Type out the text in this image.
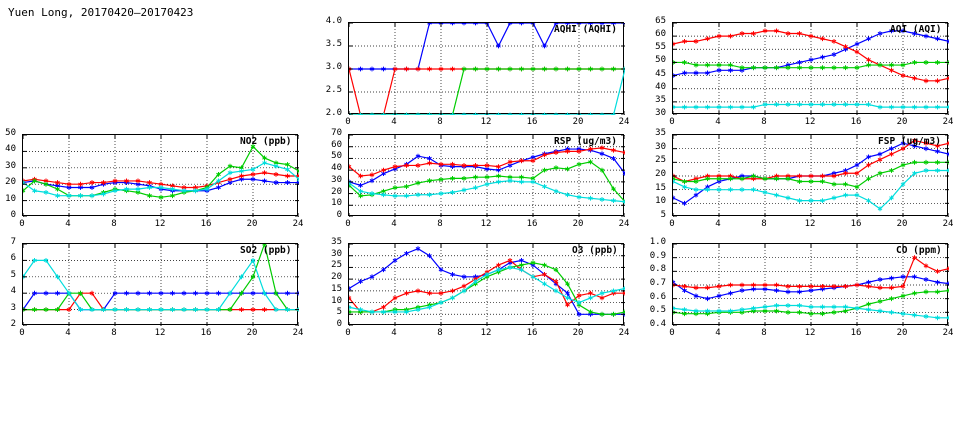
Yuen Long, 20170420–20170423
AQHI (AQHI)
2.0
2.5
3.0
3.5
4.0
0	4	8	12	16	20	24
AQI (AQI)
30
35
40
45
50
55
60
65
0	4	8	12	16	20	24
NO2 (ppb)
0
10
20
30
40
50
0	4	8	12	16	20	24
RSP (ug/m3)
0
10
20
30
40
50
60
70
0	4	8	12	16	20	24
FSP (ug/m3)
5
10
15
20
25
30
35
0	4	8	12	16	20	24
SO2 (ppb)
2
3
4
5
6
7
0	4	8	12	16	20	24
O3 (ppb)
0
5
10
15
20
25
30
35
0	4	8	12	16	20	24
CO (ppm)
0.4
0.5
0.6
0.7
0.8
0.9
1.0
0	4	8	12	16	20	24
